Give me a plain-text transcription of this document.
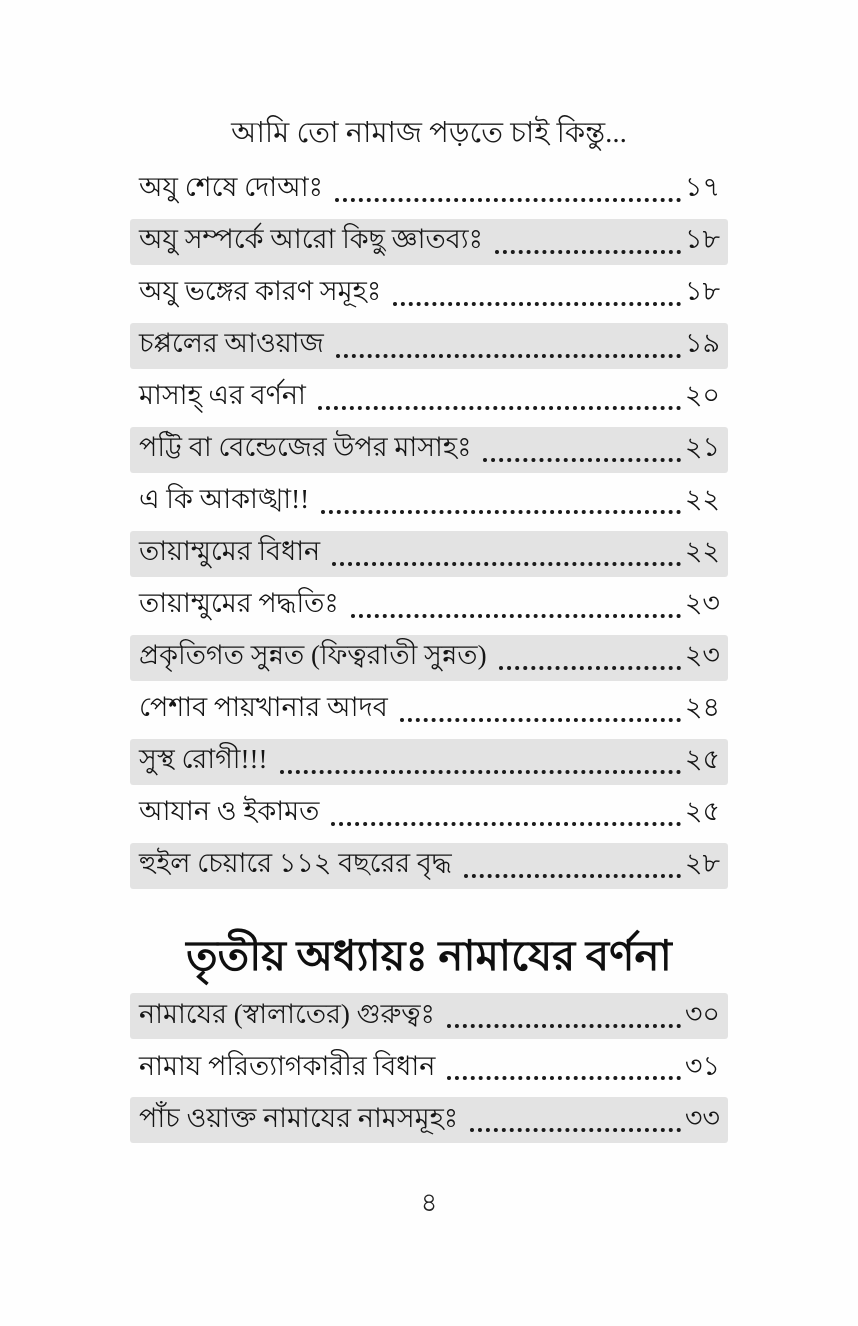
আমি তো নামাজ পড়তে চাই কিন্তু...
অযু শেষে দোআঃ	১৭
অযু সম্পর্কে আরো কিছু জ্ঞাতব্যঃ	১৮
অযু ভঙ্গের কারণ সমূহঃ	১৮
চপ্পলের আওয়াজ	১৯
মাসাহ্ এর বর্ণনা	২০
পট্টি বা বেন্ডেজের উপর মাসাহঃ	২১
এ কি আকাঙ্খা!!	২২
তায়াম্মুমের বিধান	২২
তায়াম্মুমের পদ্ধতিঃ	২৩
প্রকৃতিগত সুন্নত (ফিত্বরাতী সুন্নত)	২৩
পেশাব পায়খানার আদব	২৪
সুস্থ রোগী!!!	২৫
আযান ও ইকামত	২৫
হুইল চেয়ারে ১১২ বছরের বৃদ্ধ	২৮
তৃতীয় অধ্যায়ঃ নামাযের বর্ণনা
নামাযের (স্বালাতের) গুরুত্বঃ	৩০
নামায পরিত্যাগকারীর বিধান	৩১
পাঁচ ওয়াক্ত নামাযের নামসমূহঃ	৩৩
৪
